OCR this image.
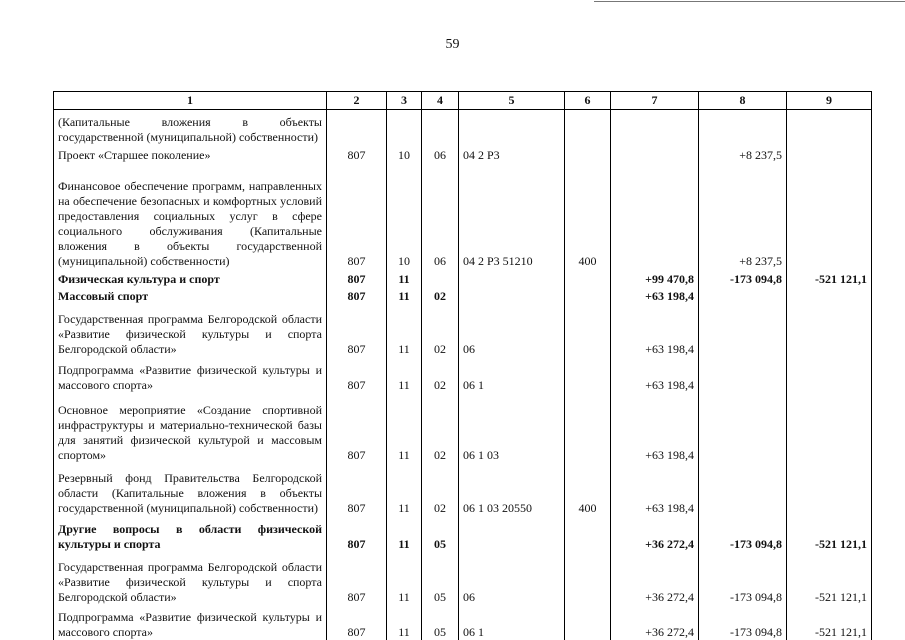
59
1	2	3	4	5	6	7	8	9
(Капитальные вложения в объекты государственной (муниципальной) собственности)								
Проект «Старшее поколение»	807	10	06	04 2 Р3			+8 237,5	
Финансовое обеспечение программ, направленных на обеспечение безопасных и комфортных условий предоставления социальных услуг в сфере социального обслуживания (Капитальные вложения в объекты государственной (муниципальной) собственности)	807	10	06	04 2 Р3 51210	400		+8 237,5	
Физическая культура и спорт	807	11				+99 470,8	-173 094,8	-521 121,1
Массовый спорт	807	11	02			+63 198,4		
Государственная программа Белгородской области «Развитие физической культуры и спорта Белгородской области»	807	11	02	06		+63 198,4		
Подпрограмма «Развитие физической культуры и массового спорта»	807	11	02	06 1		+63 198,4		
Основное мероприятие «Создание спортивной инфраструктуры и материально-технической базы для занятий физической культурой и массовым спортом»	807	11	02	06 1 03		+63 198,4		
Резервный фонд Правительства Белгородской области (Капитальные вложения в объекты государственной (муниципальной) собственности)	807	11	02	06 1 03 20550	400	+63 198,4		
Другие вопросы в области физической культуры и спорта	807	11	05			+36 272,4	-173 094,8	-521 121,1
Государственная программа Белгородской области «Развитие физической культуры и спорта Белгородской области»	807	11	05	06		+36 272,4	-173 094,8	-521 121,1
Подпрограмма «Развитие физической культуры и массового спорта»	807	11	05	06 1		+36 272,4	-173 094,8	-521 121,1
